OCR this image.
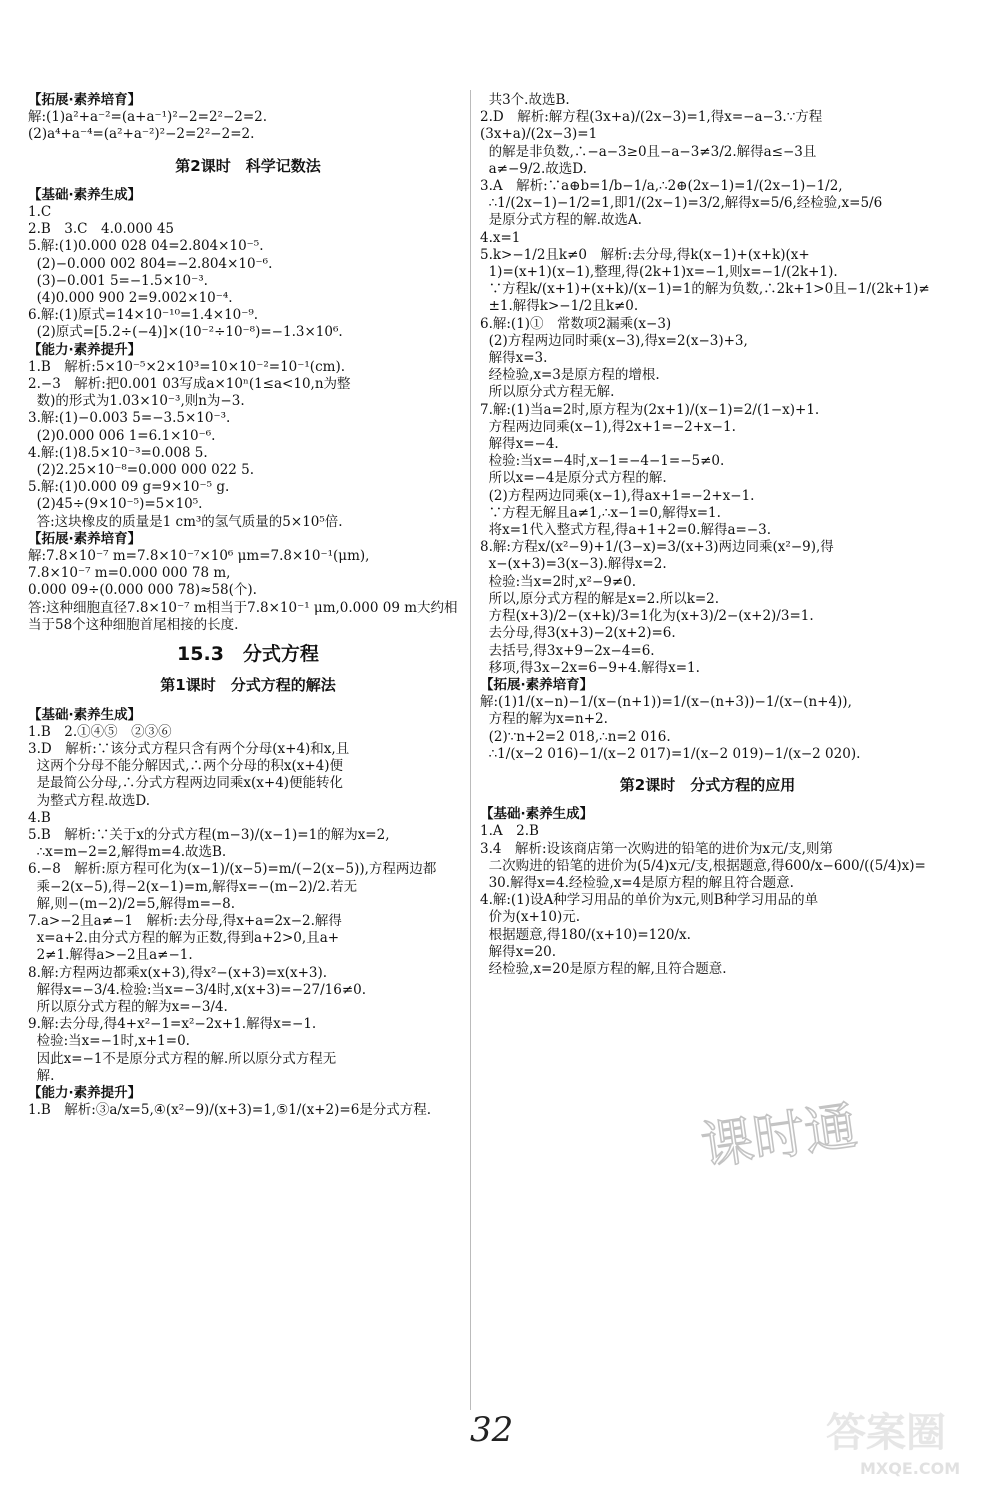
【拓展·素养培育】

解:(1)a²+a⁻²=(a+a⁻¹)²−2=2²−2=2.

(2)a⁴+a⁻⁴=(a²+a⁻²)²−2=2²−2=2.

第2课时　科学记数法

【基础·素养生成】

1.C

2.B　3.C　4.0.000 45

5.解:(1)0.000 028 04=2.804×10⁻⁵.

(2)−0.000 002 804=−2.804×10⁻⁶.

(3)−0.001 5=−1.5×10⁻³.

(4)0.000 900 2=9.002×10⁻⁴.

6.解:(1)原式=14×10⁻¹⁰=1.4×10⁻⁹.

(2)原式=[5.2÷(−4)]×(10⁻²÷10⁻⁸)=−1.3×10⁶.

【能力·素养提升】

1.B　解析:5×10⁻⁵×2×10³=10×10⁻²=10⁻¹(cm).

2.−3　解析:把0.001 03写成a×10ⁿ(1≤a<10,n为整

数)的形式为1.03×10⁻³,则n为−3.

3.解:(1)−0.003 5=−3.5×10⁻³.

(2)0.000 006 1=6.1×10⁻⁶.

4.解:(1)8.5×10⁻³=0.008 5.

(2)2.25×10⁻⁸=0.000 000 022 5.

5.解:(1)0.000 09 g=9×10⁻⁵ g.

(2)45÷(9×10⁻⁵)=5×10⁵.

答:这块橡皮的质量是1 cm³的氢气质量的5×10⁵倍.

【拓展·素养培育】

解:7.8×10⁻⁷ m=7.8×10⁻⁷×10⁶ μm=7.8×10⁻¹(μm),

7.8×10⁻⁷ m=0.000 000 78 m,

0.000 09÷(0.000 000 78)≈58(个).

答:这种细胞直径7.8×10⁻⁷ m相当于7.8×10⁻¹ μm,0.000 09 m大约相

当于58个这种细胞首尾相接的长度.

15.3　分式方程

第1课时　分式方程的解法

【基础·素养生成】

1.B　2.①④⑤　②③⑥

3.D　解析:∵该分式方程只含有两个分母(x+4)和x,且

这两个分母不能分解因式,∴两个分母的积x(x+4)便

是最简公分母,∴分式方程两边同乘x(x+4)便能转化

为整式方程.故选D.

4.B

5.B　解析:∵关于x的分式方程(m−3)/(x−1)=1的解为x=2,

∴x=m−2=2,解得m=4.故选B.

6.−8　解析:原方程可化为(x−1)/(x−5)=m/(−2(x−5)),方程两边都

乘−2(x−5),得−2(x−1)=m,解得x=−(m−2)/2.若无

解,则−(m−2)/2=5,解得m=−8.

7.a>−2且a≠−1　解析:去分母,得x+a=2x−2.解得

x=a+2.由分式方程的解为正数,得到a+2>0,且a+

2≠1.解得a>−2且a≠−1.

8.解:方程两边都乘x(x+3),得x²−(x+3)=x(x+3).

解得x=−3/4.检验:当x=−3/4时,x(x+3)=−27/16≠0.

所以原分式方程的解为x=−3/4.

9.解:去分母,得4+x²−1=x²−2x+1.解得x=−1.

检验:当x=−1时,x+1=0.

因此x=−1不是原分式方程的解.所以原分式方程无

解.

【能力·素养提升】

1.B　解析:③a/x=5,④(x²−9)/(x+3)=1,⑤1/(x+2)=6是分式方程.

共3个.故选B.

2.D　解析:解方程(3x+a)/(2x−3)=1,得x=−a−3.∵方程(3x+a)/(2x−3)=1

的解是非负数,∴−a−3≥0且−a−3≠3/2.解得a≤−3且

a≠−9/2.故选D.

3.A　解析:∵a⊕b=1/b−1/a,∴2⊕(2x−1)=1/(2x−1)−1/2,

∴1/(2x−1)−1/2=1,即1/(2x−1)=3/2,解得x=5/6,经检验,x=5/6

是原分式方程的解.故选A.

4.x=1

5.k>−1/2且k≠0　解析:去分母,得k(x−1)+(x+k)(x+

1)=(x+1)(x−1),整理,得(2k+1)x=−1,则x=−1/(2k+1).

∵方程k/(x+1)+(x+k)/(x−1)=1的解为负数,∴2k+1>0且−1/(2k+1)≠

±1.解得k>−1/2且k≠0.

6.解:(1)①　常数项2漏乘(x−3)

(2)方程两边同时乘(x−3),得x=2(x−3)+3,

解得x=3.

经检验,x=3是原方程的增根.

所以原分式方程无解.

7.解:(1)当a=2时,原方程为(2x+1)/(x−1)=2/(1−x)+1.

方程两边同乘(x−1),得2x+1=−2+x−1.

解得x=−4.

检验:当x=−4时,x−1=−4−1=−5≠0.

所以x=−4是原分式方程的解.

(2)方程两边同乘(x−1),得ax+1=−2+x−1.

∵方程无解且a≠1,∴x−1=0,解得x=1.

将x=1代入整式方程,得a+1+2=0.解得a=−3.

8.解:方程x/(x²−9)+1/(3−x)=3/(x+3)两边同乘(x²−9),得

x−(x+3)=3(x−3).解得x=2.

检验:当x=2时,x²−9≠0.

所以,原分式方程的解是x=2.所以k=2.

方程(x+3)/2−(x+k)/3=1化为(x+3)/2−(x+2)/3=1.

去分母,得3(x+3)−2(x+2)=6.

去括号,得3x+9−2x−4=6.

移项,得3x−2x=6−9+4.解得x=1.

【拓展·素养培育】

解:(1)1/(x−n)−1/(x−(n+1))=1/(x−(n+3))−1/(x−(n+4)),

方程的解为x=n+2.

(2)∵n+2=2 018,∴n=2 016.

∴1/(x−2 016)−1/(x−2 017)=1/(x−2 019)−1/(x−2 020).

第2课时　分式方程的应用

【基础·素养生成】

1.A　2.B

3.4　解析:设该商店第一次购进的铅笔的进价为x元/支,则第

二次购进的铅笔的进价为(5/4)x元/支,根据题意,得600/x−600/((5/4)x)=

30.解得x=4.经检验,x=4是原方程的解且符合题意.

4.解:(1)设A种学习用品的单价为x元,则B种学习用品的单

价为(x+10)元.

根据题意,得180/(x+10)=120/x.

解得x=20.

经检验,x=20是原方程的解,且符合题意.

32
课时通
答案圈
MXQE.COM
